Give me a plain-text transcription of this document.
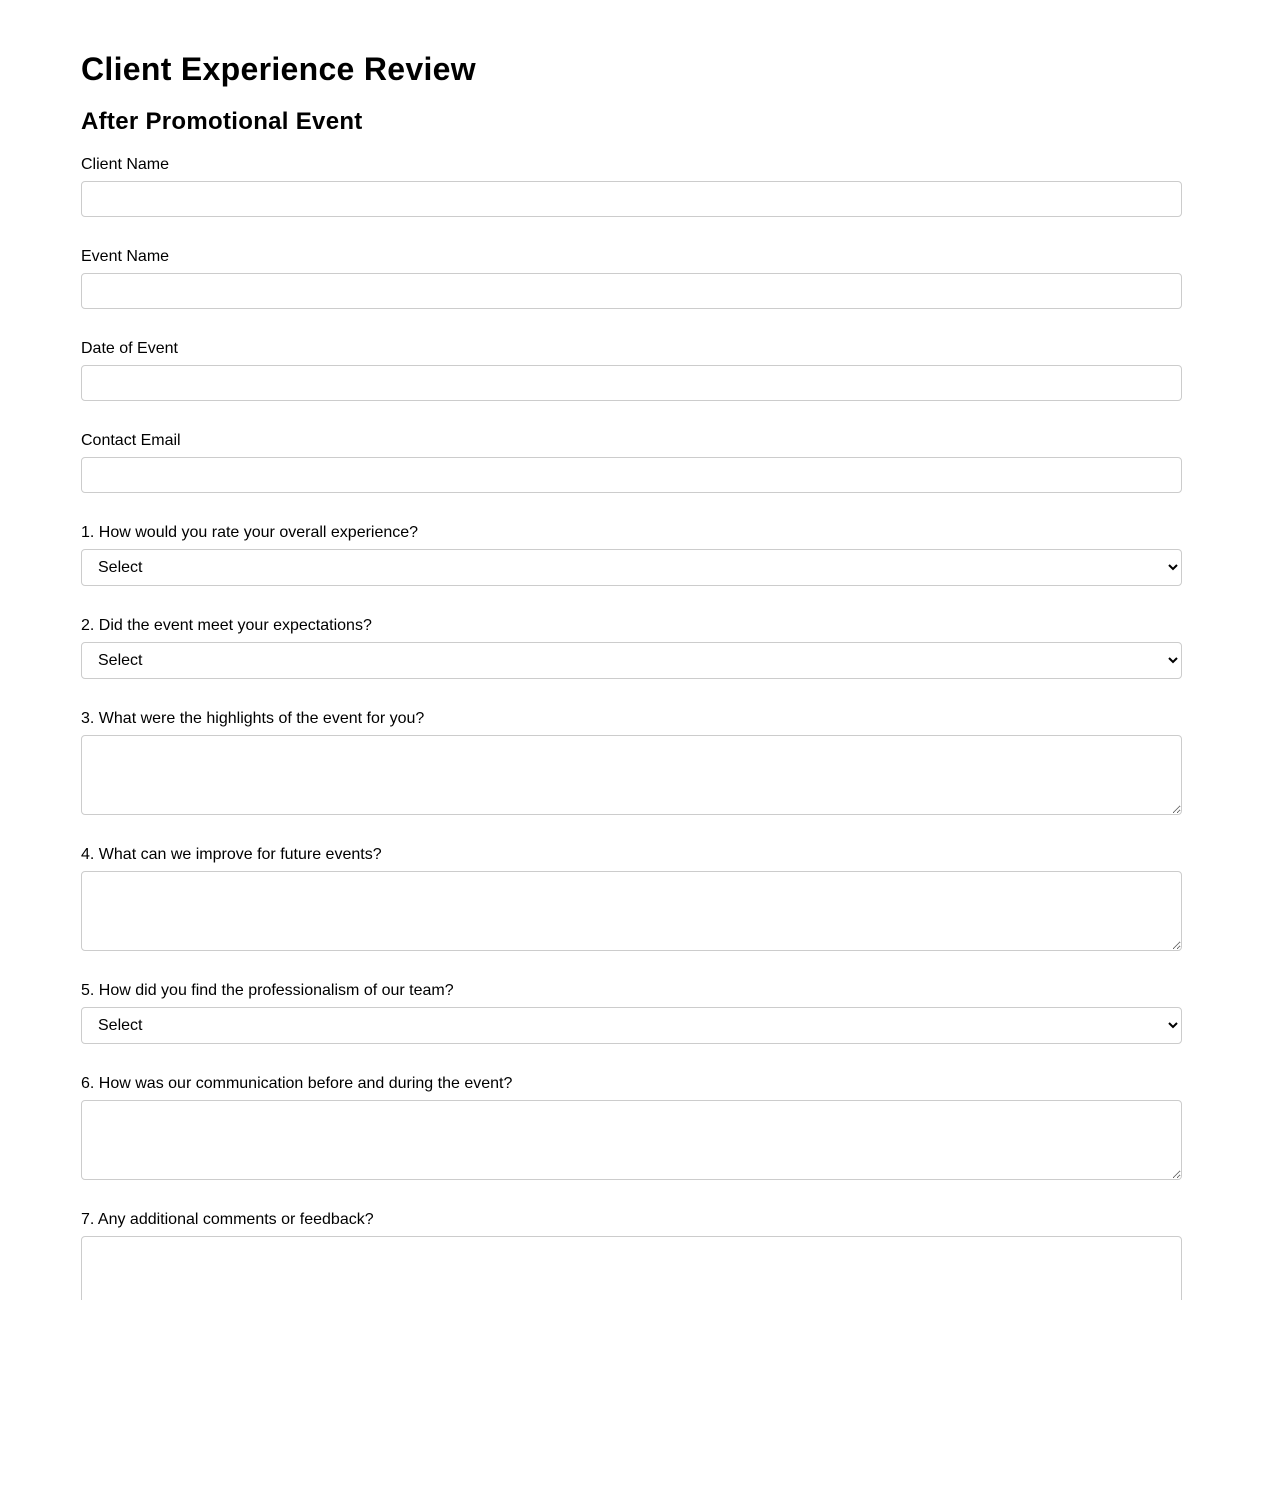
Client Experience Review
After Promotional Event
Client Name
Event Name
Date of Event
Contact Email
1. How would you rate your overall experience?
Select
2. Did the event meet your expectations?
Select
3. What were the highlights of the event for you?
4. What can we improve for future events?
5. How did you find the professionalism of our team?
Select
6. How was our communication before and during the event?
7. Any additional comments or feedback?
